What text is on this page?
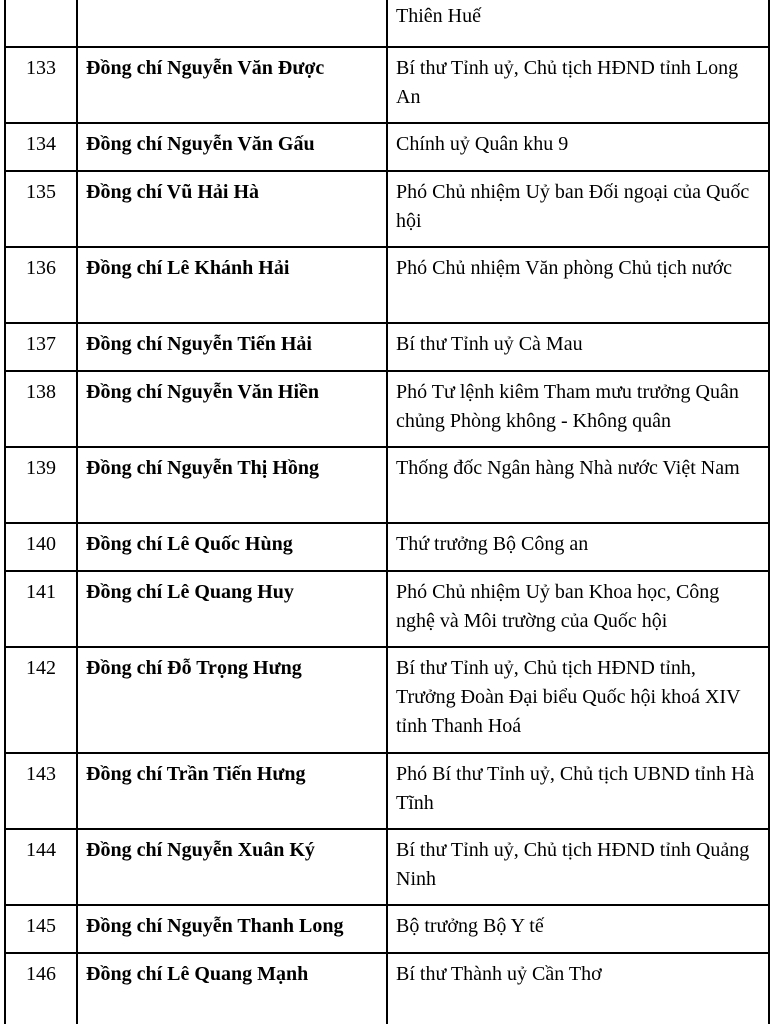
		Thiên Huế
133	Đồng chí Nguyễn Văn Được	Bí thư Tỉnh uỷ, Chủ tịch HĐND tỉnh Long An
134	Đồng chí Nguyễn Văn Gấu	Chính uỷ Quân khu 9
135	Đồng chí Vũ Hải Hà	Phó Chủ nhiệm Uỷ ban Đối ngoại của Quốc hội
136	Đồng chí Lê Khánh Hải	Phó Chủ nhiệm Văn phòng Chủ tịch nước
137	Đồng chí Nguyễn Tiến Hải	Bí thư Tỉnh uỷ Cà Mau
138	Đồng chí Nguyễn Văn Hiền	Phó Tư lệnh kiêm Tham mưu trưởng Quân chủng Phòng không - Không quân
139	Đồng chí Nguyễn Thị Hồng	Thống đốc Ngân hàng Nhà nước Việt Nam
140	Đồng chí Lê Quốc Hùng	Thứ trưởng Bộ Công an
141	Đồng chí Lê Quang Huy	Phó Chủ nhiệm Uỷ ban Khoa học, Công nghệ và Môi trường của Quốc hội
142	Đồng chí Đỗ Trọng Hưng	Bí thư Tỉnh uỷ, Chủ tịch HĐND tỉnh, Trưởng Đoàn Đại biểu Quốc hội khoá XIV tỉnh Thanh Hoá
143	Đồng chí Trần Tiến Hưng	Phó Bí thư Tỉnh uỷ, Chủ tịch UBND tỉnh Hà Tĩnh
144	Đồng chí Nguyễn Xuân Ký	Bí thư Tỉnh uỷ, Chủ tịch HĐND tỉnh Quảng Ninh
145	Đồng chí Nguyễn Thanh Long	Bộ trưởng Bộ Y tế
146	Đồng chí Lê Quang Mạnh	Bí thư Thành uỷ Cần Thơ
